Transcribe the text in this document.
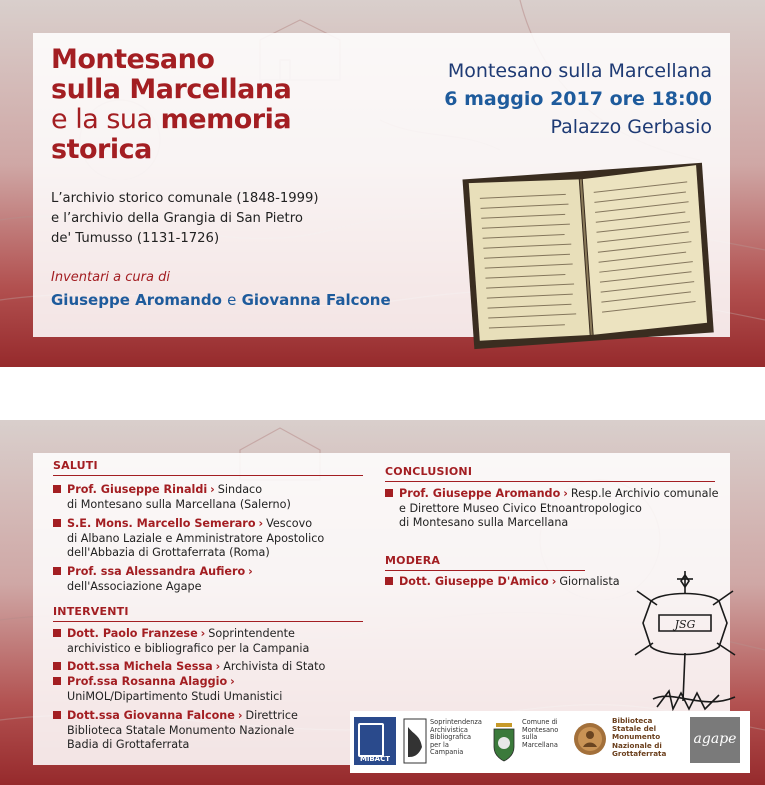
Montesano
sulla Marcellana
e la sua memoria
storica
L’archivio storico comunale (1848-1999)
e l’archivio della Grangia di San Pietro
de' Tumusso (1131-1726)
Inventari a cura di
Giuseppe Aromando e Giovanna Falcone
Montesano sulla Marcellana
6 maggio 2017 ore 18:00
Palazzo Gerbasio
SALUTI
Prof. Giuseppe Rinaldi › Sindaco
di Montesano sulla Marcellana (Salerno)
S.E. Mons. Marcello Semeraro › Vescovo
di Albano Laziale e Amministratore Apostolico
dell'Abbazia di Grottaferrata (Roma)
Prof. ssa Alessandra Aufiero ›
dell'Associazione Agape
INTERVENTI
Dott. Paolo Franzese › Soprintendente
archivistico e bibliografico per la Campania
Dott.ssa Michela Sessa › Archivista di Stato
Prof.ssa Rosanna Alaggio ›
UniMOL/Dipartimento Studi Umanistici
Dott.ssa Giovanna Falcone › Direttrice
Biblioteca Statale Monumento Nazionale
Badia di Grottaferrata
CONCLUSIONI
Prof. Giuseppe Aromando › Resp.le Archivio comunale
e Direttore Museo Civico Etnoantropologico
di Montesano sulla Marcellana
MODERA
Dott. Giuseppe D'Amico › Giornalista
JSG
MiBACT
Soprintendenza
Archivistica
Bibliografica
per la
Campania
Comune di
Montesano
sulla
Marcellana
Biblioteca
Statale del
Monumento
Nazionale di
Grottaferrata
agape
